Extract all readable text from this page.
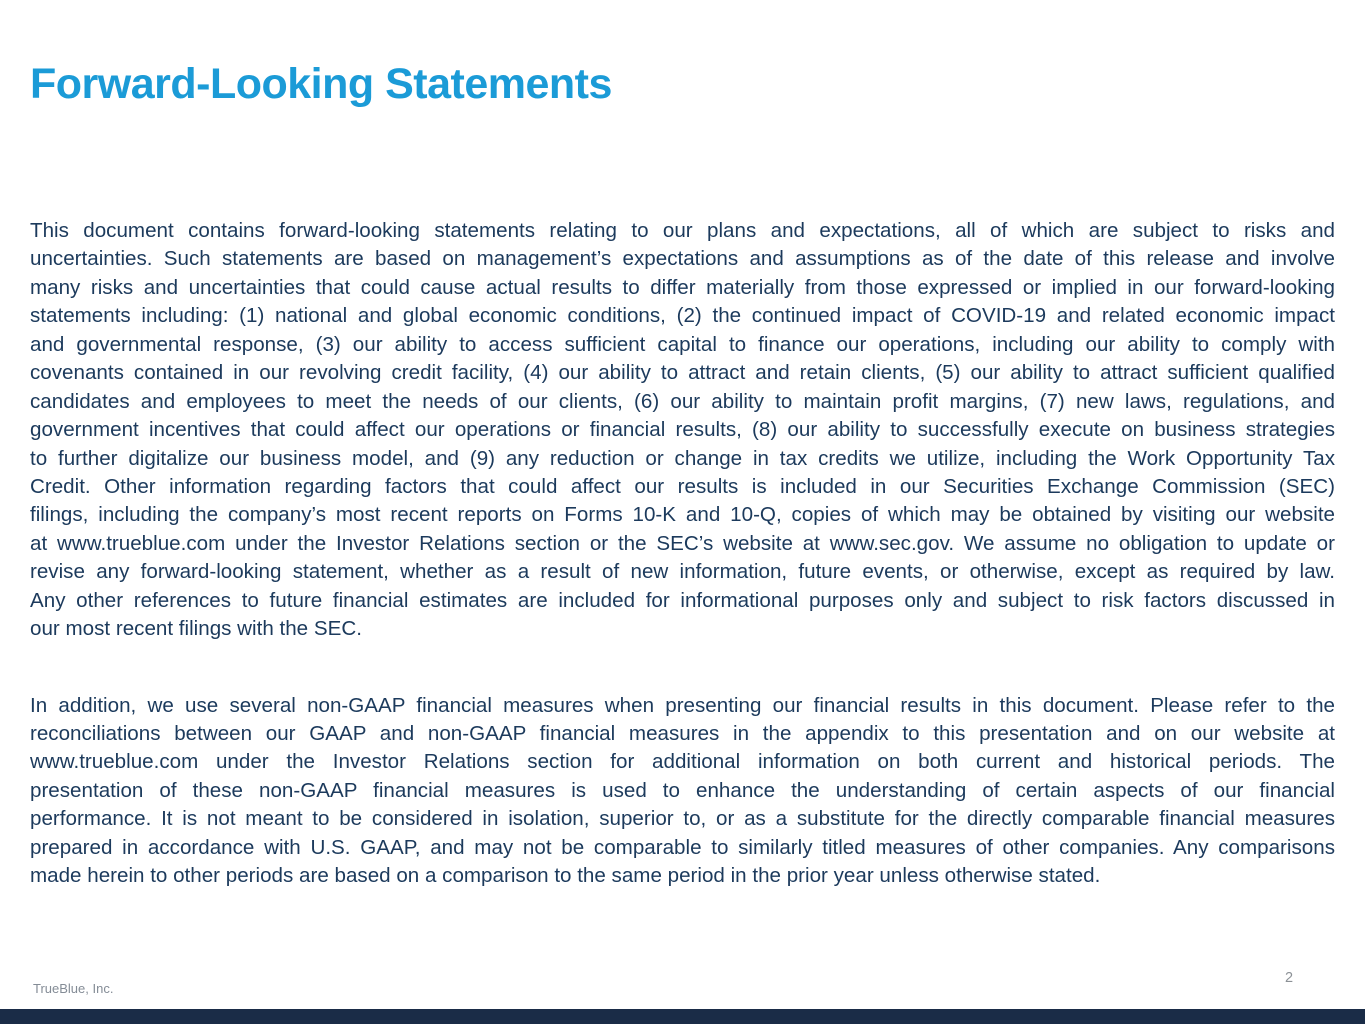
Forward-Looking Statements
This document contains forward-looking statements relating to our plans and expectations, all of which are subject to risks and
uncertainties. Such statements are based on management’s expectations and assumptions as of the date of this release and involve
many risks and uncertainties that could cause actual results to differ materially from those expressed or implied in our forward-looking
statements including: (1) national and global economic conditions, (2) the continued impact of COVID-19 and related economic impact
and governmental response, (3) our ability to access sufficient capital to finance our operations, including our ability to comply with
covenants contained in our revolving credit facility, (4) our ability to attract and retain clients, (5) our ability to attract sufficient qualified
candidates and employees to meet the needs of our clients, (6) our ability to maintain profit margins, (7) new laws, regulations, and
government incentives that could affect our operations or financial results, (8) our ability to successfully execute on business strategies
to further digitalize our business model, and (9) any reduction or change in tax credits we utilize, including the Work Opportunity Tax
Credit. Other information regarding factors that could affect our results is included in our Securities Exchange Commission (SEC)
filings, including the company’s most recent reports on Forms 10-K and 10-Q, copies of which may be obtained by visiting our website
at www.trueblue.com under the Investor Relations section or the SEC’s website at www.sec.gov. We assume no obligation to update or
revise any forward-looking statement, whether as a result of new information, future events, or otherwise, except as required by law.
Any other references to future financial estimates are included for informational purposes only and subject to risk factors discussed in
our most recent filings with the SEC.
In addition, we use several non-GAAP financial measures when presenting our financial results in this document. Please refer to the
reconciliations between our GAAP and non-GAAP financial measures in the appendix to this presentation and on our website at
www.trueblue.com under the Investor Relations section for additional information on both current and historical periods. The
presentation of these non-GAAP financial measures is used to enhance the understanding of certain aspects of our financial
performance. It is not meant to be considered in isolation, superior to, or as a substitute for the directly comparable financial measures
prepared in accordance with U.S. GAAP, and may not be comparable to similarly titled measures of other companies. Any comparisons
made herein to other periods are based on a comparison to the same period in the prior year unless otherwise stated.
TrueBlue, Inc.
2
